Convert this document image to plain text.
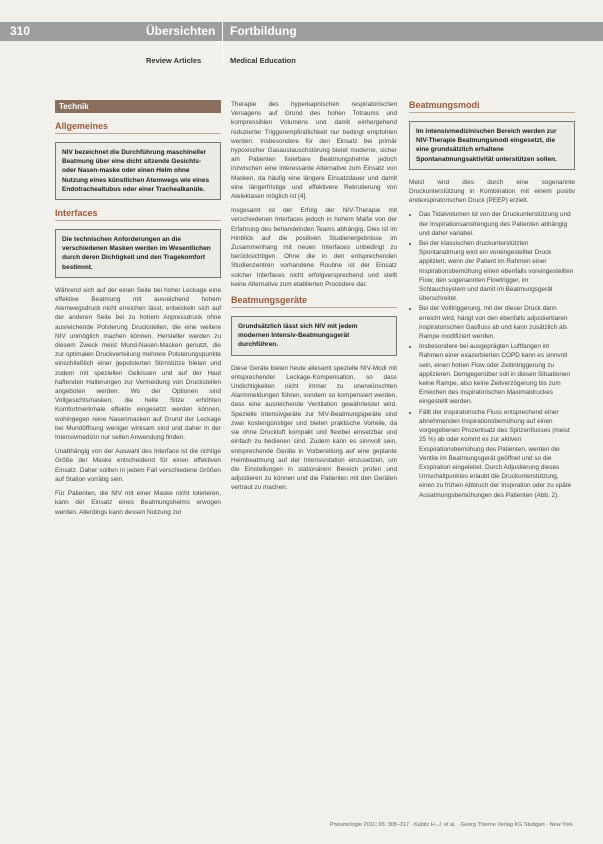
310	Übersichten Fortbildung
Review Articles	Medical Education
Technik
Allgemeines
NIV bezeichnet die Durchführung maschineller Beatmung über eine dicht sitzende Gesichts- oder Nasen-maske oder einen Helm ohne Nutzung eines künstlichen Atemwegs wie eines Endotrachealtubus oder einer Trachealkanüle.
Interfaces
Die technischen Anforderungen an die verschiedenen Masken werden im Wesentlichen durch deren Dichtigkeit und den Tragekomfort bestimmt.

Während sich auf der einen Seite bei hoher Leckage eine effektive Beatmung mit ausreichend hohem Atemwegsdruck nicht erreichen lässt, entwickeln sich auf der anderen Seite bei zu hohem Anpressdruck ohne ausreichende Polsterung Druckstellen, die eine weitere NIV unmöglich machen können. Hersteller werden zu diesem Zweck meist Mund-Nasen-Masken genutzt, die zur optimalen Druckverteilung mehrere Polsterungspunkte einschließlich einer gepolsterten Stirnstütze bieten und zudem mit speziellen Gelkissen und auf der Haut haftenden Halterungen zur Vermeidung von Druckstellen angeboten werden. Wo der Optionen sind Vollgesichtsmasken, die helle Sitze erhöhten Komfortmerkmale effektiv eingesetzt werden können, wohingegen reine Nasenmasken auf Grund der Leckage bei Mundöffnung weniger wirksam sind und daher in der Intensivmedizin nur selten Anwendung finden.

Unabhängig von der Auswahl des Interface ist die richtige Größe der Maske entscheidend für einen effektiven Einsatz. Daher sollten in jedem Fall verschiedene Größen auf Station vorrätig sein.

Für Patienten, die NIV mit einer Maske nicht tolerieren, kann der Einsatz eines Beatmungshelms erwogen werden. Allerdings kann dessen Nutzung zur

Therapie des hyperkapnischen respiratorischen Versagens auf Grund des hohen Totraums und kompressiblen Volumens und damit einhergehend reduzierter Triggerempfindlichkeit nur bedingt empfohlen werden. Insbesondere für den Einsatz bei primär hypoxischer Gasaustauschstörung bietet moderne, sicher am Patienten fixierbare Beatmungshelme jedoch inzwischen eine interessante Alternative zum Einsatz von Masken, da häufig eine längere Einsatzdauer und damit eine längerfristige und effektivere Rekrutierung von Atelektasen möglich ist [4].

Insgesamt ist der Erfolg der NIV-Therapie mit verschiedenen Interfaces jedoch in hohem Maße von der Erfahrung des behandelnden Teams abhängig. Dies ist im Hinblick auf die positiven Studienergebnisse im Zusammenhang mit neuen Interfaces unbedingt zu berücksichtigen. Ohne die in den entsprechenden Studienzentren vorhandene Routine ist der Einsatz solcher Interfaces nicht erfolgversprechend und stellt keine Alternative zum etablierten Procedere dar.

Beatmungsgeräte
Grundsätzlich lässt sich NIV mit jedem modernen Intensiv-Beatmungsgerät durchführen.

Diese Geräte bieten heute allesamt spezielle NIV-Modi mit entsprechender Leckage-Kompensation, so dass Undichtigkeiten nicht immer zu unerwünschten Alarmmeldungen führen, sondern so kompensiert werden, dass eine ausreichende Ventilation gewährleistet wird. Spezielle Intensivgeräte zur NIV-Beatmungsgeräte sind zwar kostengünstiger und bieten praktische Vorteile, da sie ohne Druckluft kompakt und flexibel einsetzbar und einfach zu bedienen sind. Zudem kann es sinnvoll sein, entsprechende Geräte in Vorbereitung auf eine geplante Heimbeatmung auf der Intensivstation einzusetzen, um die Einstellungen in stationärem Bereich prüfen und adjustieren zu können und die Patienten mit den Geräten vertraut zu machen.

Beatmungsmodi
Im intensivmedizinischen Bereich werden zur NIV-Therapie Beatmungsmodi eingesetzt, die eine grundsätzlich erhaltene Spontanatmungsaktivität unterstützen sollen.

Meist wird dies durch eine sogenannte Druckunterstützung in Kombination mit einem positiv endexspiratorischen Druck (PEEP) erzielt.

• Das Tidalvolumen ist von der Druckunterstützung und der Inspirationsanstrengung des Patienten abhängig und daher variabel.
• Bei der klassischen druckunterstützten Spontanatmung wird ein voreingestellter Druck appliziert, wenn der Patient im Rahmen einer Inspirationsbemühung einen ebenfalls voreingestellten Flow, den sogenannten Flowtrigger, im Schlauchsystem und damit im Beatmungsgerät überschreitet.
• Bei der Volltriggerung, mit der dieser Druck dann erreicht wird, hängt von den ebenfalls adjustierbaren inspiratorischen Gasfluss ab und kann zusätzlich als Rampe modifiziert werden.
• Insbesondere bei ausgeprägten Luftfangen im Rahmen einer exazerbierten COPD kann es sinnvoll sein, einen hohen Flow oder Zeitintriggerung zu applizieren. Demgegenüber soll in diesen Situationen keine Rampe, also keine Zeitverzögerung bis zum Erreichen des inspiratorischen Maximaldruckes eingestellt werden.
• Fällt der inspiratorische Fluss entsprechend einer abnehmenden Inspirationsbemühung auf einen vorgegebenen Prozentsatz des Spitzenflusses (meist 25 %) ab oder kommt es zur aktiven Exspirationsbemühung des Patienten, werden die Ventile im Beatmungsgerät geöffnet und so die Exspiration eingeleitet. Durch Adjustierung dieses Umschaltpunktes erlaubt die Druckunterstützung, einen zu frühen Abbruch der Inspiration oder zu späte Ausatmungsbemühungen des Patienten (Abb. 2).
Pneumologie 2011; 65: 308–317 · Kabitz H.-J. et al. · Georg Thieme Verlag KG Stuttgart · New York
